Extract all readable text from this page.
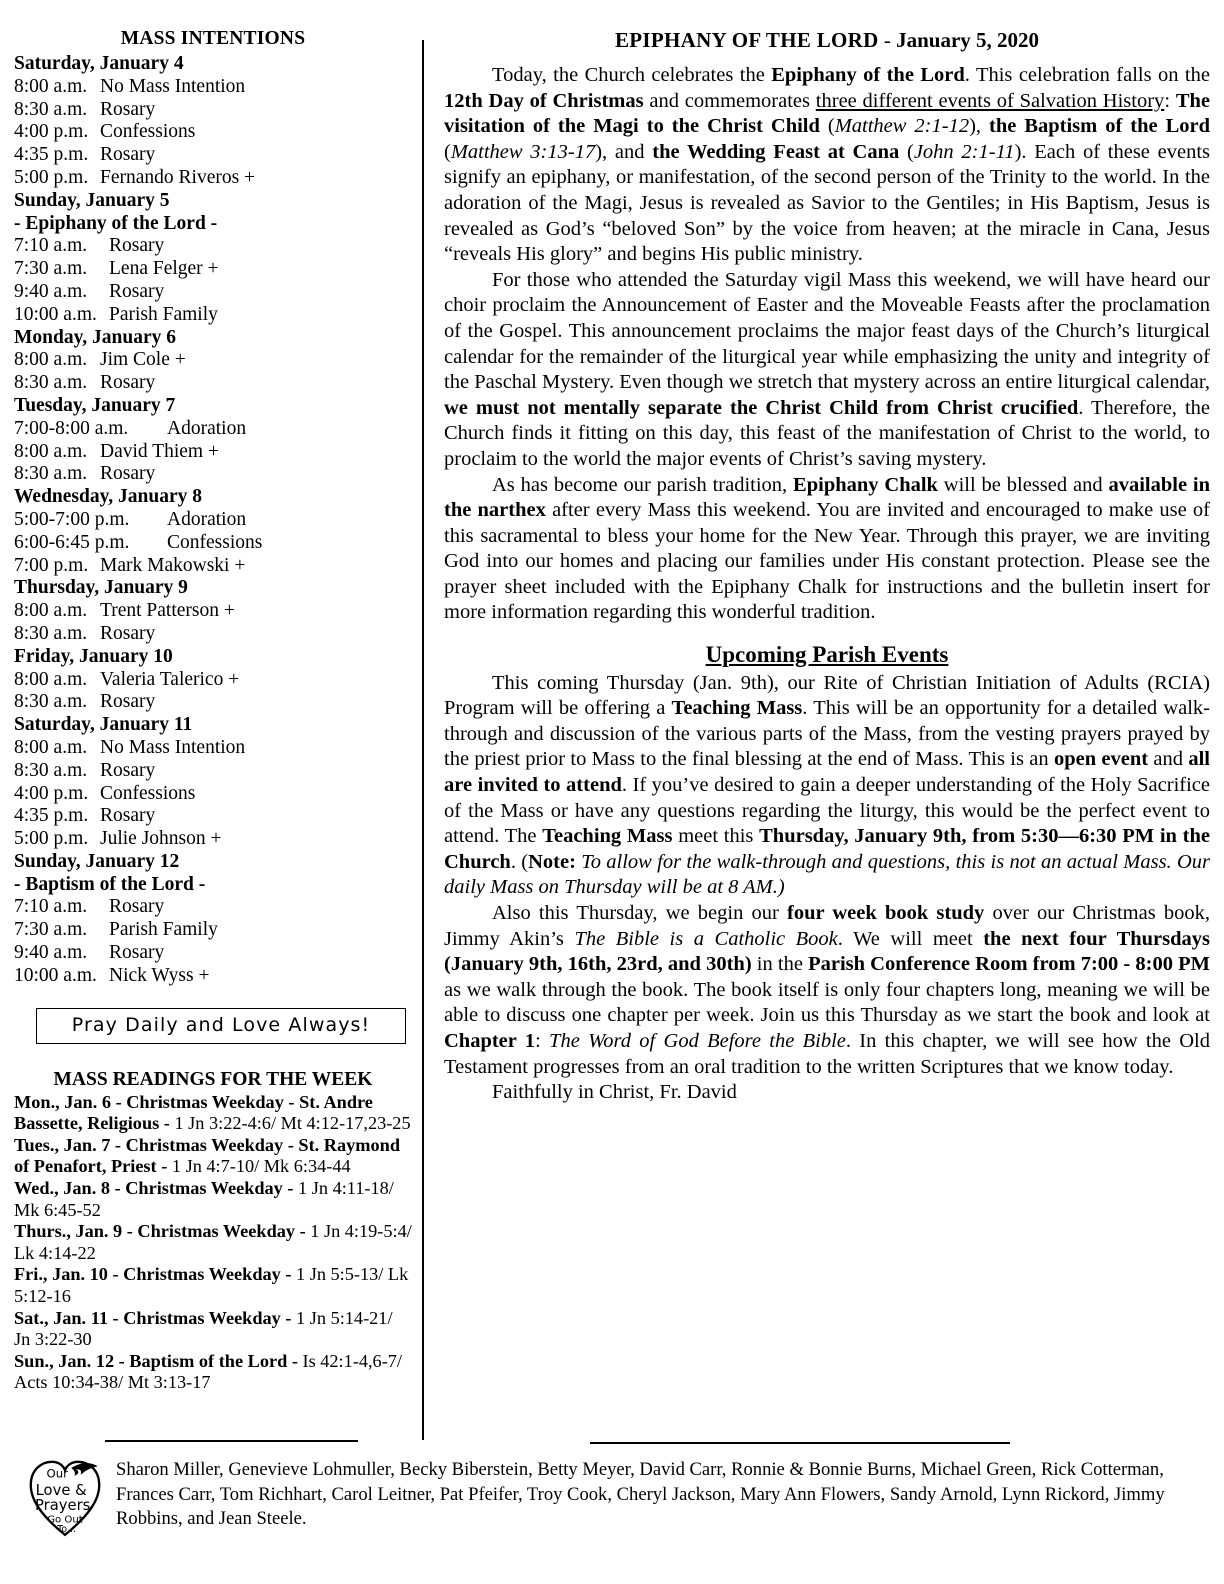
MASS INTENTIONS
Saturday, January 4
8:00 a.m. No Mass Intention
8:30 a.m. Rosary
4:00 p.m. Confessions
4:35 p.m. Rosary
5:00 p.m. Fernando Riveros +
Sunday, January 5
- Epiphany of the Lord -
7:10 a.m. Rosary
7:30 a.m. Lena Felger +
9:40 a.m. Rosary
10:00 a.m. Parish Family
Monday, January 6
8:00 a.m. Jim Cole +
8:30 a.m. Rosary
Tuesday, January 7
7:00-8:00 a.m. Adoration
8:00 a.m. David Thiem +
8:30 a.m. Rosary
Wednesday, January 8
5:00-7:00 p.m. Adoration
6:00-6:45 p.m. Confessions
7:00 p.m. Mark Makowski +
Thursday, January 9
8:00 a.m. Trent Patterson +
8:30 a.m. Rosary
Friday, January 10
8:00 a.m. Valeria Talerico +
8:30 a.m. Rosary
Saturday, January 11
8:00 a.m. No Mass Intention
8:30 a.m. Rosary
4:00 p.m. Confessions
4:35 p.m. Rosary
5:00 p.m. Julie Johnson +
Sunday, January 12
- Baptism of the Lord -
7:10 a.m. Rosary
7:30 a.m. Parish Family
9:40 a.m. Rosary
10:00 a.m. Nick Wyss +
Pray Daily and Love Always!
MASS READINGS FOR THE WEEK
Mon., Jan. 6 - Christmas Weekday - St. Andre Bassette, Religious - 1 Jn 3:22-4:6/ Mt 4:12-17,23-25
Tues., Jan. 7 - Christmas Weekday - St. Raymond of Penafort, Priest - 1 Jn 4:7-10/ Mk 6:34-44
Wed., Jan. 8 - Christmas Weekday - 1 Jn 4:11-18/ Mk 6:45-52
Thurs., Jan. 9 - Christmas Weekday - 1 Jn 4:19-5:4/ Lk 4:14-22
Fri., Jan. 10 - Christmas Weekday - 1 Jn 5:5-13/ Lk 5:12-16
Sat., Jan. 11 - Christmas Weekday - 1 Jn 5:14-21/ Jn 3:22-30
Sun., Jan. 12 - Baptism of the Lord - Is 42:1-4,6-7/ Acts 10:34-38/ Mt 3:13-17
EPIPHANY OF THE LORD - January 5, 2020

Today, the Church celebrates the Epiphany of the Lord. This celebration falls on the 12th Day of Christmas and commemorates three different events of Salvation History: The visitation of the Magi to the Christ Child (Matthew 2:1-12), the Baptism of the Lord (Matthew 3:13-17), and the Wedding Feast at Cana (John 2:1-11). Each of these events signify an epiphany, or manifestation, of the second person of the Trinity to the world. In the adoration of the Magi, Jesus is revealed as Savior to the Gentiles; in His Baptism, Jesus is revealed as God’s “beloved Son” by the voice from heaven; at the miracle in Cana, Jesus “reveals His glory” and begins His public ministry.

For those who attended the Saturday vigil Mass this weekend, we will have heard our choir proclaim the Announcement of Easter and the Moveable Feasts after the proclamation of the Gospel. This announcement proclaims the major feast days of the Church’s liturgical calendar for the remainder of the liturgical year while emphasizing the unity and integrity of the Paschal Mystery. Even though we stretch that mystery across an entire liturgical calendar, we must not mentally separate the Christ Child from Christ crucified. Therefore, the Church finds it fitting on this day, this feast of the manifestation of Christ to the world, to proclaim to the world the major events of Christ’s saving mystery.

As has become our parish tradition, Epiphany Chalk will be blessed and available in the narthex after every Mass this weekend. You are invited and encouraged to make use of this sacramental to bless your home for the New Year. Through this prayer, we are inviting God into our homes and placing our families under His constant protection. Please see the prayer sheet included with the Epiphany Chalk for instructions and the bulletin insert for more information regarding this wonderful tradition.

Upcoming Parish Events

This coming Thursday (Jan. 9th), our Rite of Christian Initiation of Adults (RCIA) Program will be offering a Teaching Mass. This will be an opportunity for a detailed walk-through and discussion of the various parts of the Mass, from the vesting prayers prayed by the priest prior to Mass to the final blessing at the end of Mass. This is an open event and all are invited to attend. If you’ve desired to gain a deeper understanding of the Holy Sacrifice of the Mass or have any questions regarding the liturgy, this would be the perfect event to attend. The Teaching Mass meet this Thursday, January 9th, from 5:30—6:30 PM in the Church. (Note: To allow for the walk-through and questions, this is not an actual Mass. Our daily Mass on Thursday will be at 8 AM.)

Also this Thursday, we begin our four week book study over our Christmas book, Jimmy Akin’s The Bible is a Catholic Book. We will meet the next four Thursdays (January 9th, 16th, 23rd, and 30th) in the Parish Conference Room from 7:00 - 8:00 PM as we walk through the book. The book itself is only four chapters long, meaning we will be able to discuss one chapter per week. Join us this Thursday as we start the book and look at Chapter 1: The Word of God Before the Bible. In this chapter, we will see how the Old Testament progresses from an oral tradition to the written Scriptures that we know today.

Faithfully in Christ, Fr. David

Our
Love &
Prayers
Go Out
To...
Sharon Miller, Genevieve Lohmuller, Becky Biberstein, Betty Meyer, David Carr, Ronnie & Bonnie Burns, Michael Green, Rick Cotterman, Frances Carr, Tom Richhart, Carol Leitner, Pat Pfeifer, Troy Cook, Cheryl Jackson, Mary Ann Flowers, Sandy Arnold, Lynn Rickord, Jimmy Robbins, and Jean Steele.
